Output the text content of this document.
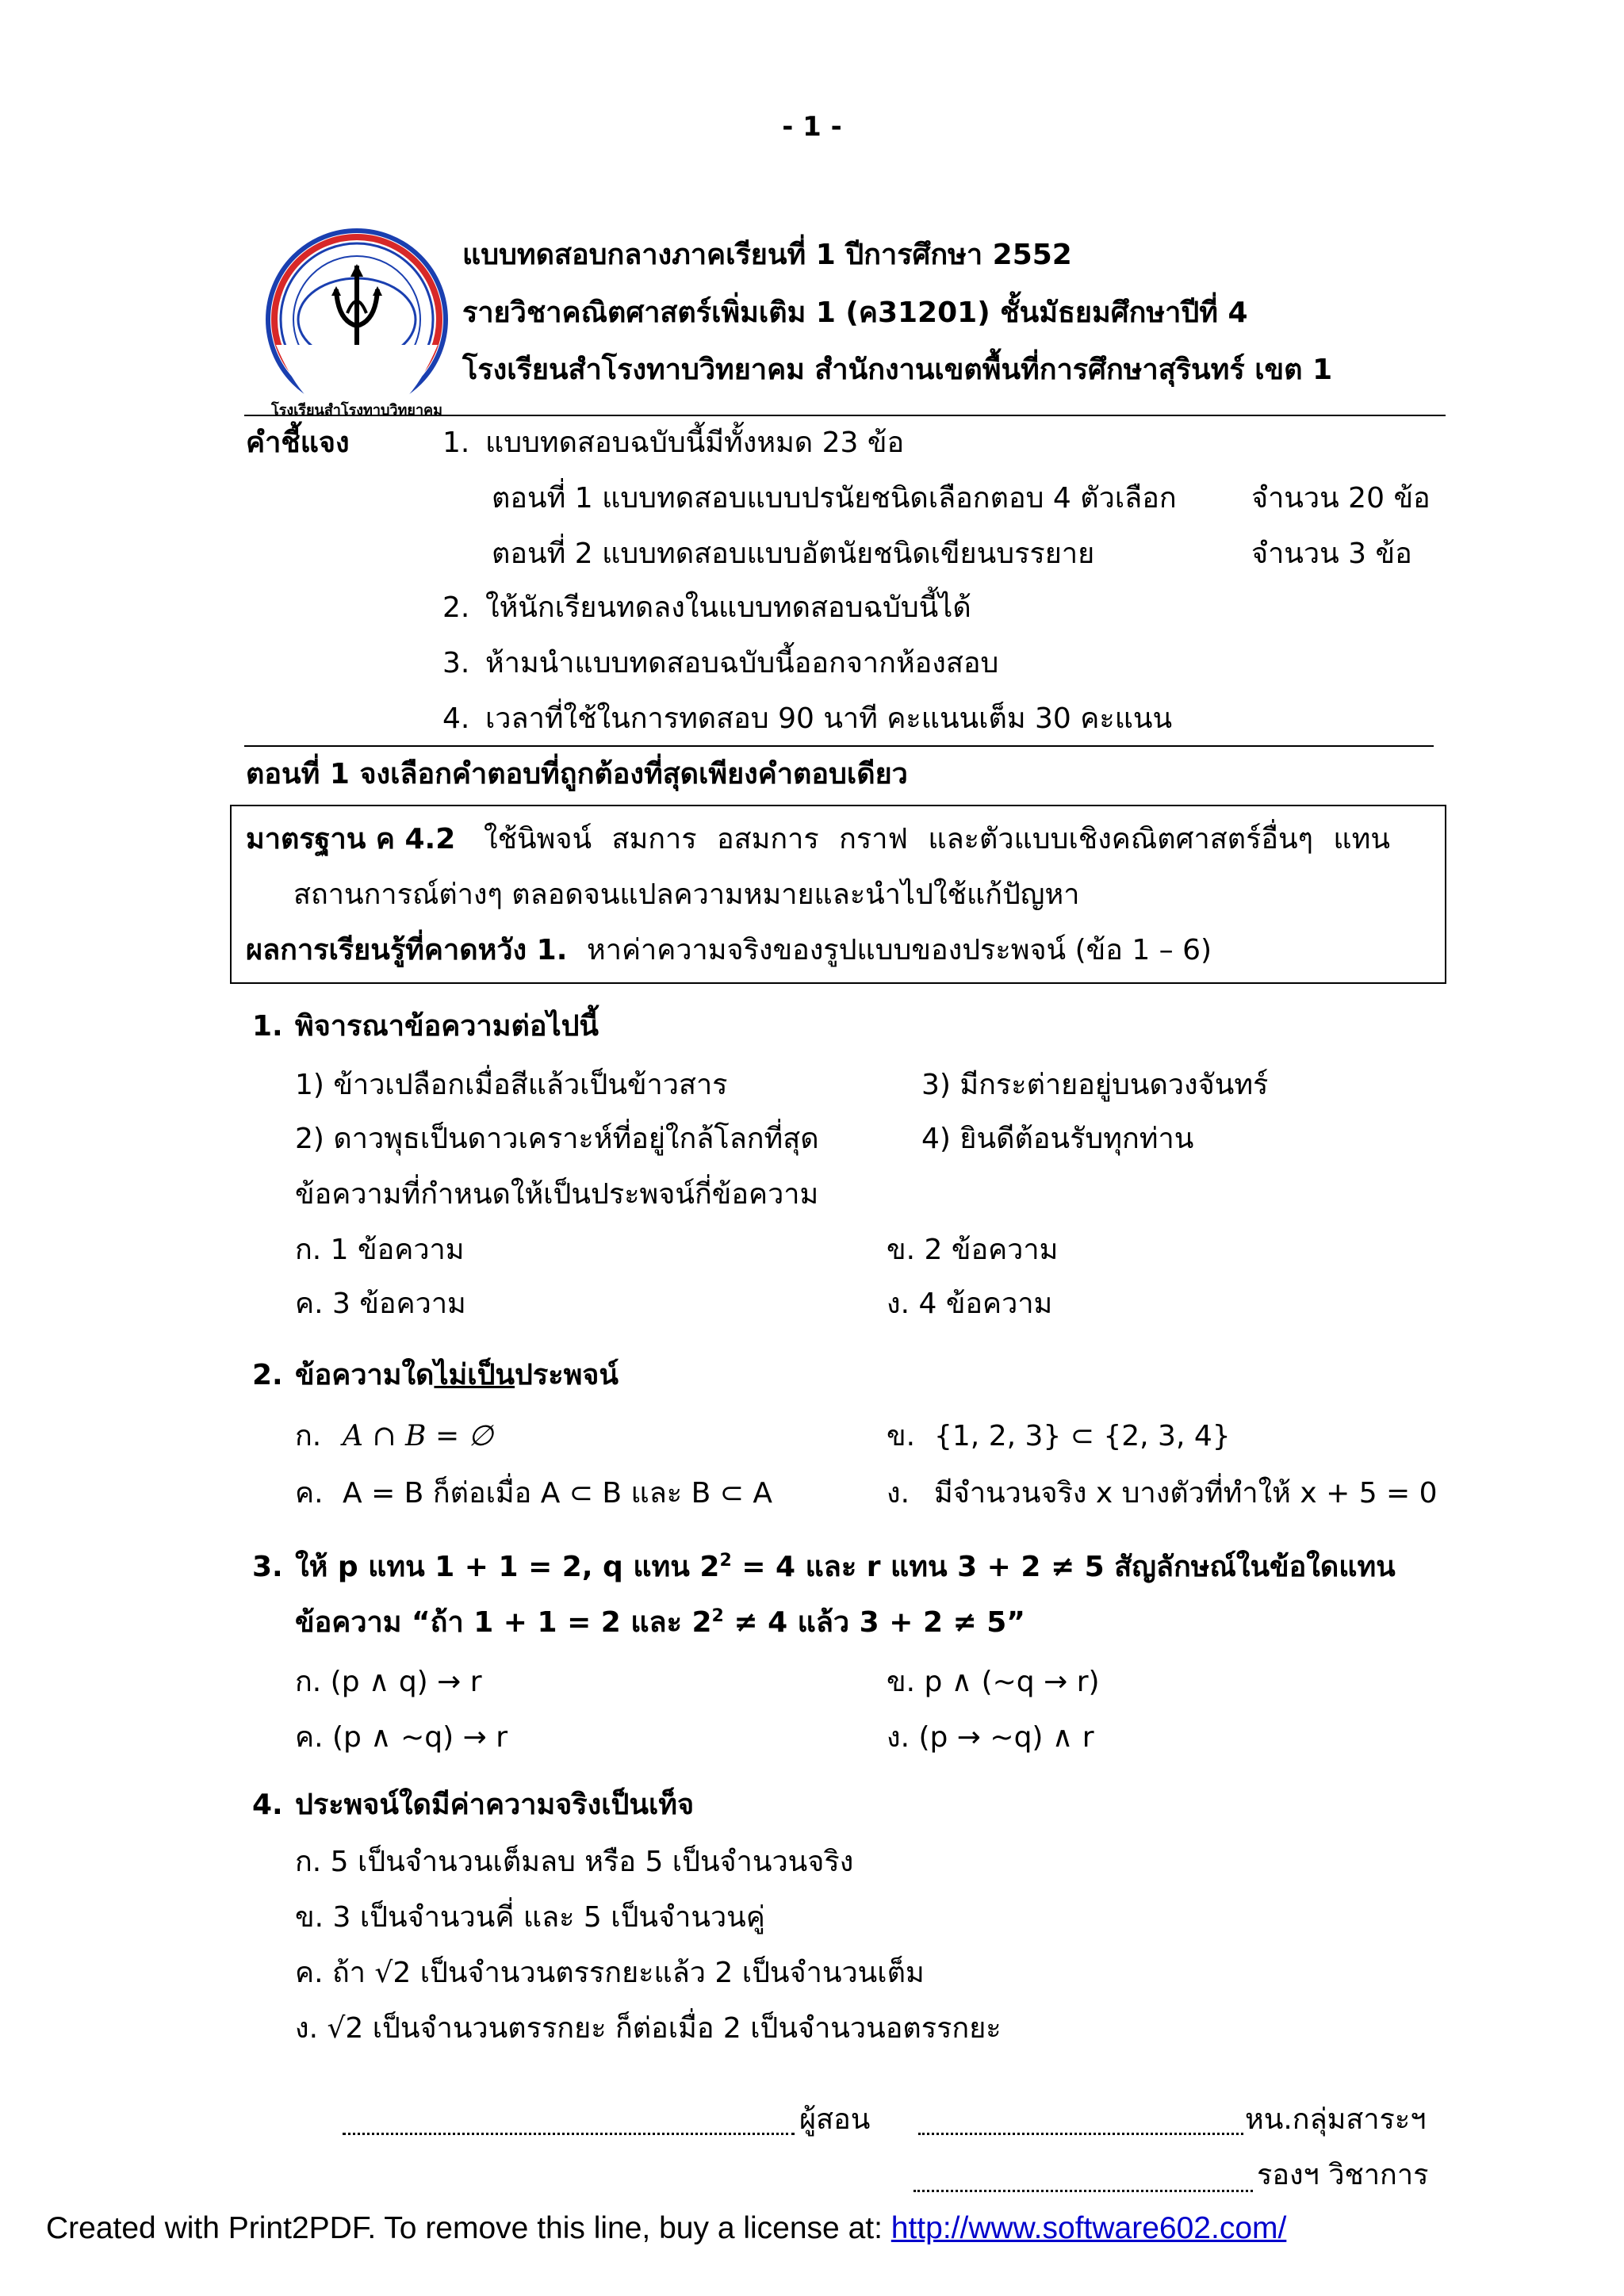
- 1 -
โรงเรียนสำโรงทาบวิทยาคม
แบบทดสอบกลางภาคเรียนที่ 1 ปีการศึกษา 2552
รายวิชาคณิตศาสตร์เพิ่มเติม 1 (ค31201) ชั้นมัธยมศึกษาปีที่ 4
โรงเรียนสำโรงทาบวิทยาคม สำนักงานเขตพื้นที่การศึกษาสุรินทร์ เขต 1
คำชี้แจง	1. แบบทดสอบฉบับนี้มีทั้งหมด 23 ข้อ
ตอนที่ 1 แบบทดสอบแบบปรนัยชนิดเลือกตอบ 4 ตัวเลือก	จำนวน 20 ข้อ
ตอนที่ 2 แบบทดสอบแบบอัตนัยชนิดเขียนบรรยาย	จำนวน 3 ข้อ
2. ให้นักเรียนทดลงในแบบทดสอบฉบับนี้ได้
3. ห้ามนำแบบทดสอบฉบับนี้ออกจากห้องสอบ
4. เวลาที่ใช้ในการทดสอบ 90 นาที คะแนนเต็ม 30 คะแนน
ตอนที่ 1 จงเลือกคำตอบที่ถูกต้องที่สุดเพียงคำตอบเดียว
มาตรฐาน ค 4.2 ใช้นิพจน์ สมการ อสมการ กราฟ และตัวแบบเชิงคณิตศาสตร์อื่นๆ แทน
สถานการณ์ต่างๆ ตลอดจนแปลความหมายและนำไปใช้แก้ปัญหา
ผลการเรียนรู้ที่คาดหวัง 1. หาค่าความจริงของรูปแบบของประพจน์ (ข้อ 1 – 6)
1. พิจารณาข้อความต่อไปนี้
1) ข้าวเปลือกเมื่อสีแล้วเป็นข้าวสาร	3) มีกระต่ายอยู่บนดวงจันทร์
2) ดาวพุธเป็นดาวเคราะห์ที่อยู่ใกล้โลกที่สุด	4) ยินดีต้อนรับทุกท่าน
ข้อความที่กำหนดให้เป็นประพจน์กี่ข้อความ
ก. 1 ข้อความ	ข. 2 ข้อความ
ค. 3 ข้อความ	ง. 4 ข้อความ
2. ข้อความใดไม่เป็นประพจน์
ก. A ∩ B = ∅	ข. {1, 2, 3} ⊂ {2, 3, 4}
ค. A = B ก็ต่อเมื่อ A ⊂ B และ B ⊂ A	ง. มีจำนวนจริง x บางตัวที่ทำให้ x + 5 = 0
3. ให้ p แทน 1 + 1 = 2, q แทน $2^2 = 4$ และ r แทน 3 + 2 ≠ 5 สัญลักษณ์ในข้อใดแทน
ข้อความ “ถ้า 1 + 1 = 2 และ $2^2 \ne 4$ แล้ว 3 + 2 ≠ 5”
ก. (p ∧ q) → r	ข. p ∧ (~q → r)
ค. (p ∧ ~q) → r	ง. (p → ~q) ∧ r
4. ประพจน์ใดมีค่าความจริงเป็นเท็จ
ก. 5 เป็นจำนวนเต็มลบ หรือ 5 เป็นจำนวนจริง
ข. 3 เป็นจำนวนคี่ และ 5 เป็นจำนวนคู่
ค. ถ้า √2 เป็นจำนวนตรรกยะแล้ว 2 เป็นจำนวนเต็ม
ง. √2 เป็นจำนวนตรรกยะ ก็ต่อเมื่อ 2 เป็นจำนวนอตรรกยะ
ผู้สอน	หน.กลุ่มสาระฯ
รองฯ วิชาการ
Created with Print2PDF. To remove this line, buy a license at: http://www.software602.com/
